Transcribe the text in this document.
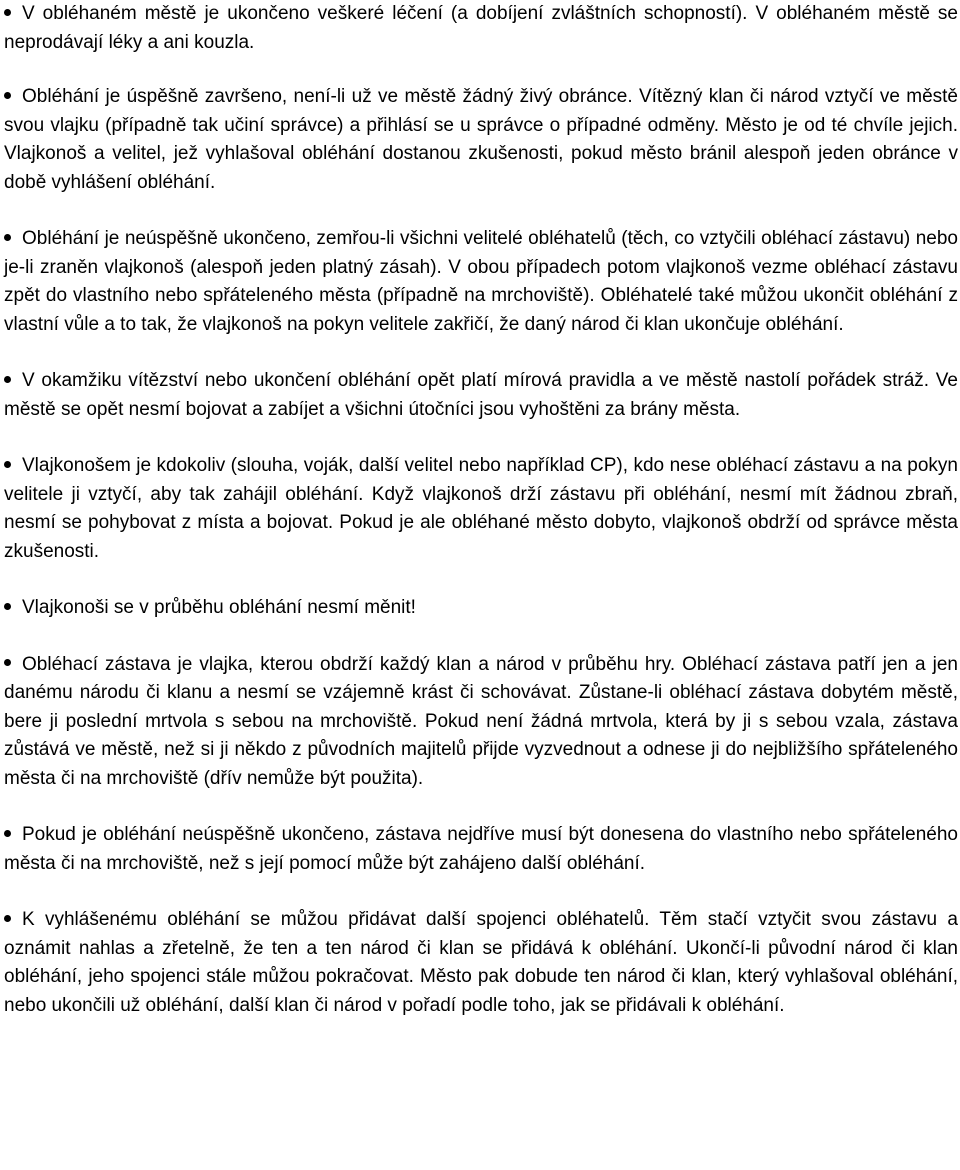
V obléhaném městě je ukončeno veškeré léčení (a dobíjení zvláštních schopností). V obléhaném městě se neprodávají léky a ani kouzla.
Obléhání je úspěšně završeno, není-li už ve městě žádný živý obránce. Vítězný klan či národ vztyčí ve městě svou vlajku (případně tak učiní správce) a přihlásí se u správce o případné odměny. Město je od té chvíle jejich. Vlajkonoš a velitel, jež vyhlašoval obléhání dostanou zkušenosti, pokud město bránil alespoň jeden obránce v době vyhlášení obléhání.
Obléhání je neúspěšně ukončeno, zemřou-li všichni velitelé obléhatelů (těch, co vztyčili obléhací zástavu) nebo je-li zraněn vlajkonoš (alespoň jeden platný zásah). V obou případech potom vlajkonoš vezme obléhací zástavu zpět do vlastního nebo spřáteleného města (případně na mrchoviště). Obléhatelé také můžou ukončit obléhání z vlastní vůle a to tak, že vlajkonoš na pokyn velitele zakřičí, že daný národ či klan ukončuje obléhání.
V okamžiku vítězství nebo ukončení obléhání opět platí mírová pravidla a ve městě nastolí pořádek stráž. Ve městě se opět nesmí bojovat a zabíjet a všichni útočníci jsou vyhoštěni za brány města.
Vlajkonošem je kdokoliv (slouha, voják, další velitel nebo například CP), kdo nese obléhací zástavu a na pokyn velitele ji vztyčí, aby tak zahájil obléhání. Když vlajkonoš drží zástavu při obléhání, nesmí mít žádnou zbraň, nesmí se pohybovat z místa a bojovat. Pokud je ale obléhané město dobyto, vlajkonoš obdrží od správce města zkušenosti.
Vlajkonoši se v průběhu obléhání nesmí měnit!
Obléhací zástava je vlajka, kterou obdrží každý klan a národ v průběhu hry. Obléhací zástava patří jen a jen danému národu či klanu a nesmí se vzájemně krást či schovávat. Zůstane-li obléhací zástava dobytém městě, bere ji poslední mrtvola s sebou na mrchoviště. Pokud není žádná mrtvola, která by ji s sebou vzala, zástava zůstává ve městě, než si ji někdo z původních majitelů přijde vyzvednout a odnese ji do nejbližšího spřáteleného města či na mrchoviště (dřív nemůže být použita).
Pokud je obléhání neúspěšně ukončeno, zástava nejdříve musí být donesena do vlastního nebo spřáteleného města či na mrchoviště, než s její pomocí může být zahájeno další obléhání.
K vyhlášenému obléhání se můžou přidávat další spojenci obléhatelů. Těm stačí vztyčit svou zástavu a oznámit nahlas a zřetelně, že ten a ten národ či klan se přidává k obléhání. Ukončí-li původní národ či klan obléhání, jeho spojenci stále můžou pokračovat. Město pak dobude ten národ či klan, který vyhlašoval obléhání, nebo ukončili už obléhání, další klan či národ v pořadí podle toho, jak se přidávali k obléhání.
